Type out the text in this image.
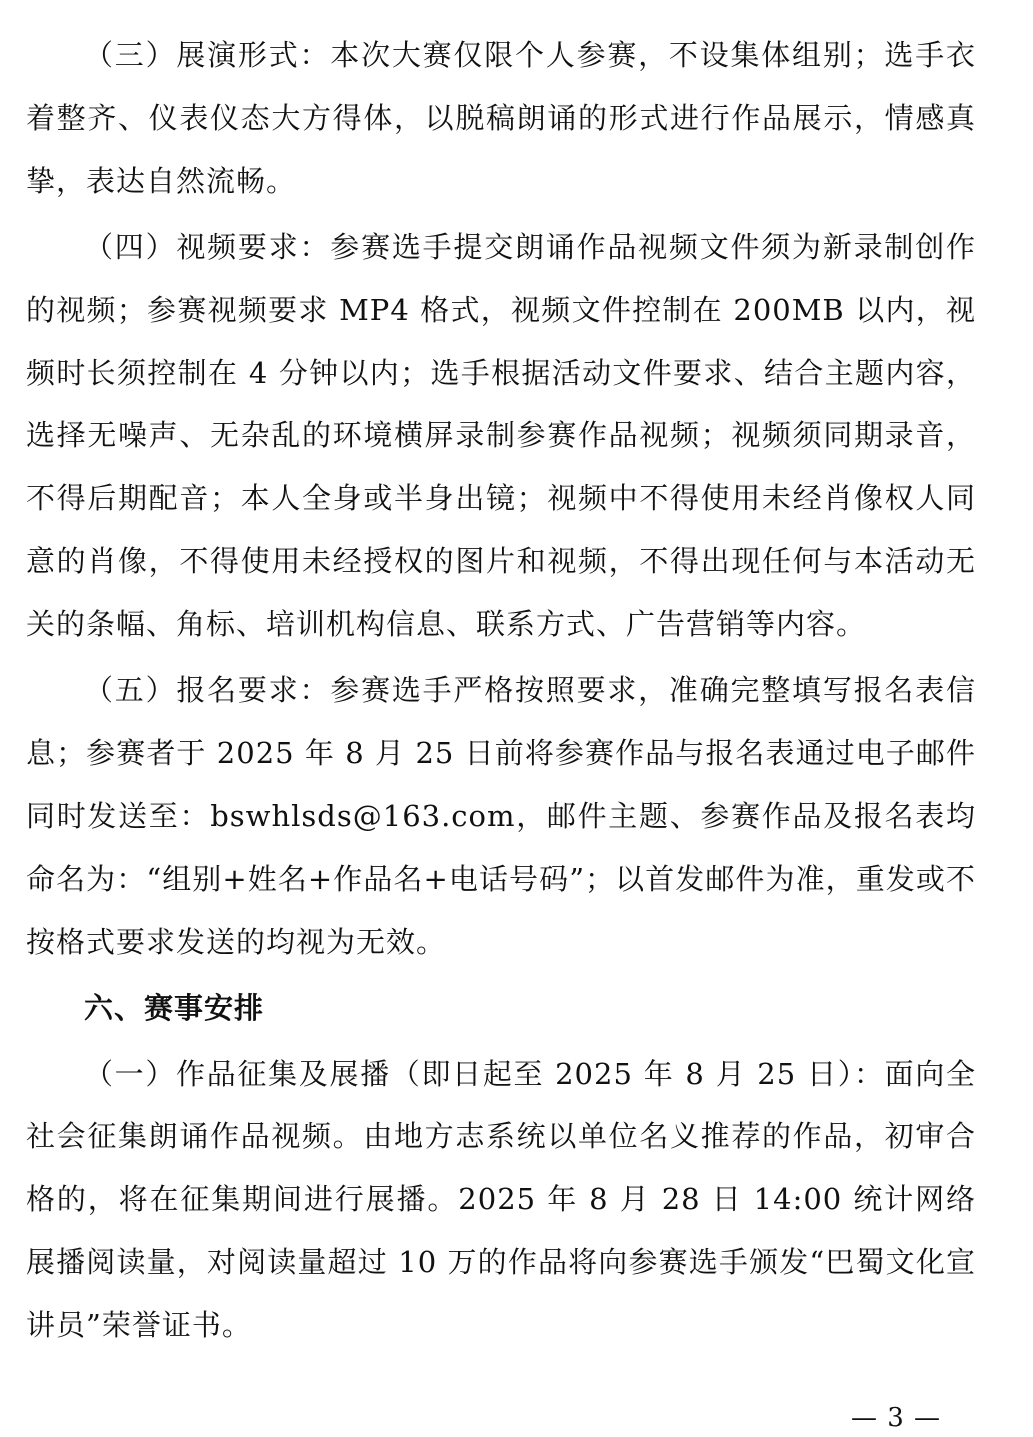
（三）展演形式：本次大赛仅限个人参赛，不设集体组别；选手衣着整齐、仪表仪态大方得体，以脱稿朗诵的形式进行作品展示，情感真挚，表达自然流畅。

（四）视频要求：参赛选手提交朗诵作品视频文件须为新录制创作的视频；参赛视频要求 MP4 格式，视频文件控制在 200MB 以内，视频时长须控制在 4 分钟以内；选手根据活动文件要求、结合主题内容，选择无噪声、无杂乱的环境横屏录制参赛作品视频；视频须同期录音，不得后期配音；本人全身或半身出镜；视频中不得使用未经肖像权人同意的肖像，不得使用未经授权的图片和视频，不得出现任何与本活动无关的条幅、角标、培训机构信息、联系方式、广告营销等内容。

（五）报名要求：参赛选手严格按照要求，准确完整填写报名表信息；参赛者于 2025 年 8 月 25 日前将参赛作品与报名表通过电子邮件同时发送至：bswhlsds@163.com，邮件主题、参赛作品及报名表均命名为：“组别+姓名+作品名+电话号码”；以首发邮件为准，重发或不按格式要求发送的均视为无效。

六、赛事安排

（一）作品征集及展播（即日起至 2025 年 8 月 25 日）：面向全社会征集朗诵作品视频。由地方志系统以单位名义推荐的作品，初审合格的，将在征集期间进行展播。2025 年 8 月 28 日 14:00 统计网络展播阅读量，对阅读量超过 10 万的作品将向参赛选手颁发“巴蜀文化宣讲员”荣誉证书。

— 3 —
